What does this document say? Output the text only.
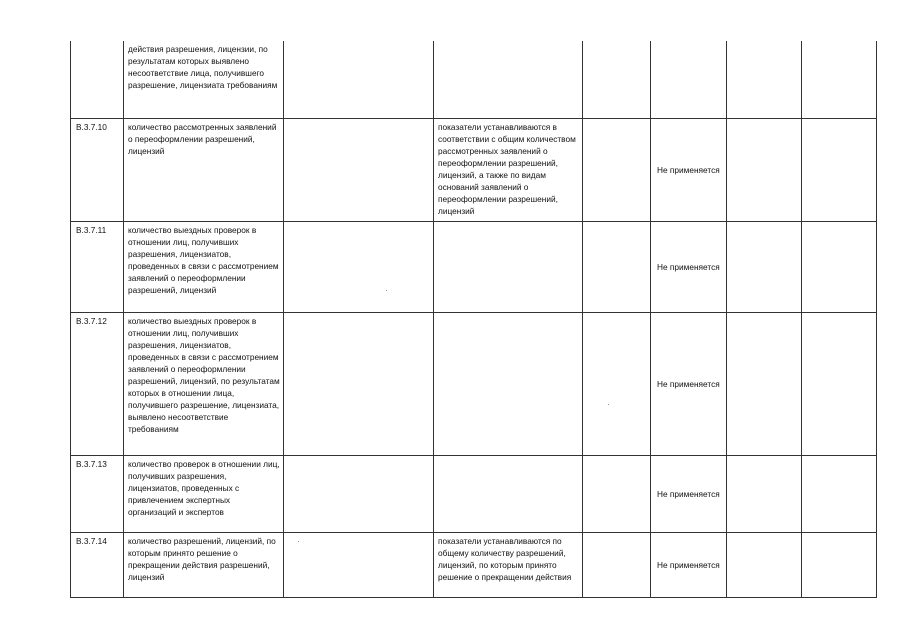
	действия разрешения, лицензии, по результатам которых выявлено несоответствие лица, получившего разрешение, лицензиата требованиям				

В.3.7.10	количество рассмотренных заявлений о переоформлении разрешений, лицензий		показатели устанавливаются в соответствии с общим количеством рассмотренных заявлений о переоформлении разрешений, лицензий, а также по видам оснований заявлений о переоформлении разрешений, лицензий		Не применяется		

В.3.7.11	количество выездных проверок в отношении лиц, получивших разрешения, лицензиатов, проведенных в связи с рассмотрением заявлений о переоформлении разрешений, лицензий				Не применяется		

В.3.7.12	количество выездных проверок в отношении лиц, получивших разрешения, лицензиатов, проведенных в связи с рассмотрением заявлений о переоформлении разрешений, лицензий, по результатам которых в отношении лица, получившего разрешение, лицензиата, выявлено несоответствие требованиям				Не применяется		

В.3.7.13	количество проверок в отношении лиц, получивших разрешения, лицензиатов, проведенных с привлечением экспертных организаций и экспертов				Не применяется		

В.3.7.14	количество разрешений, лицензий, по которым принято решение о прекращении действия разрешений, лицензий		показатели устанавливаются по общему количеству разрешений, лицензий, по которым принято решение о прекращении действия		Не применяется		
